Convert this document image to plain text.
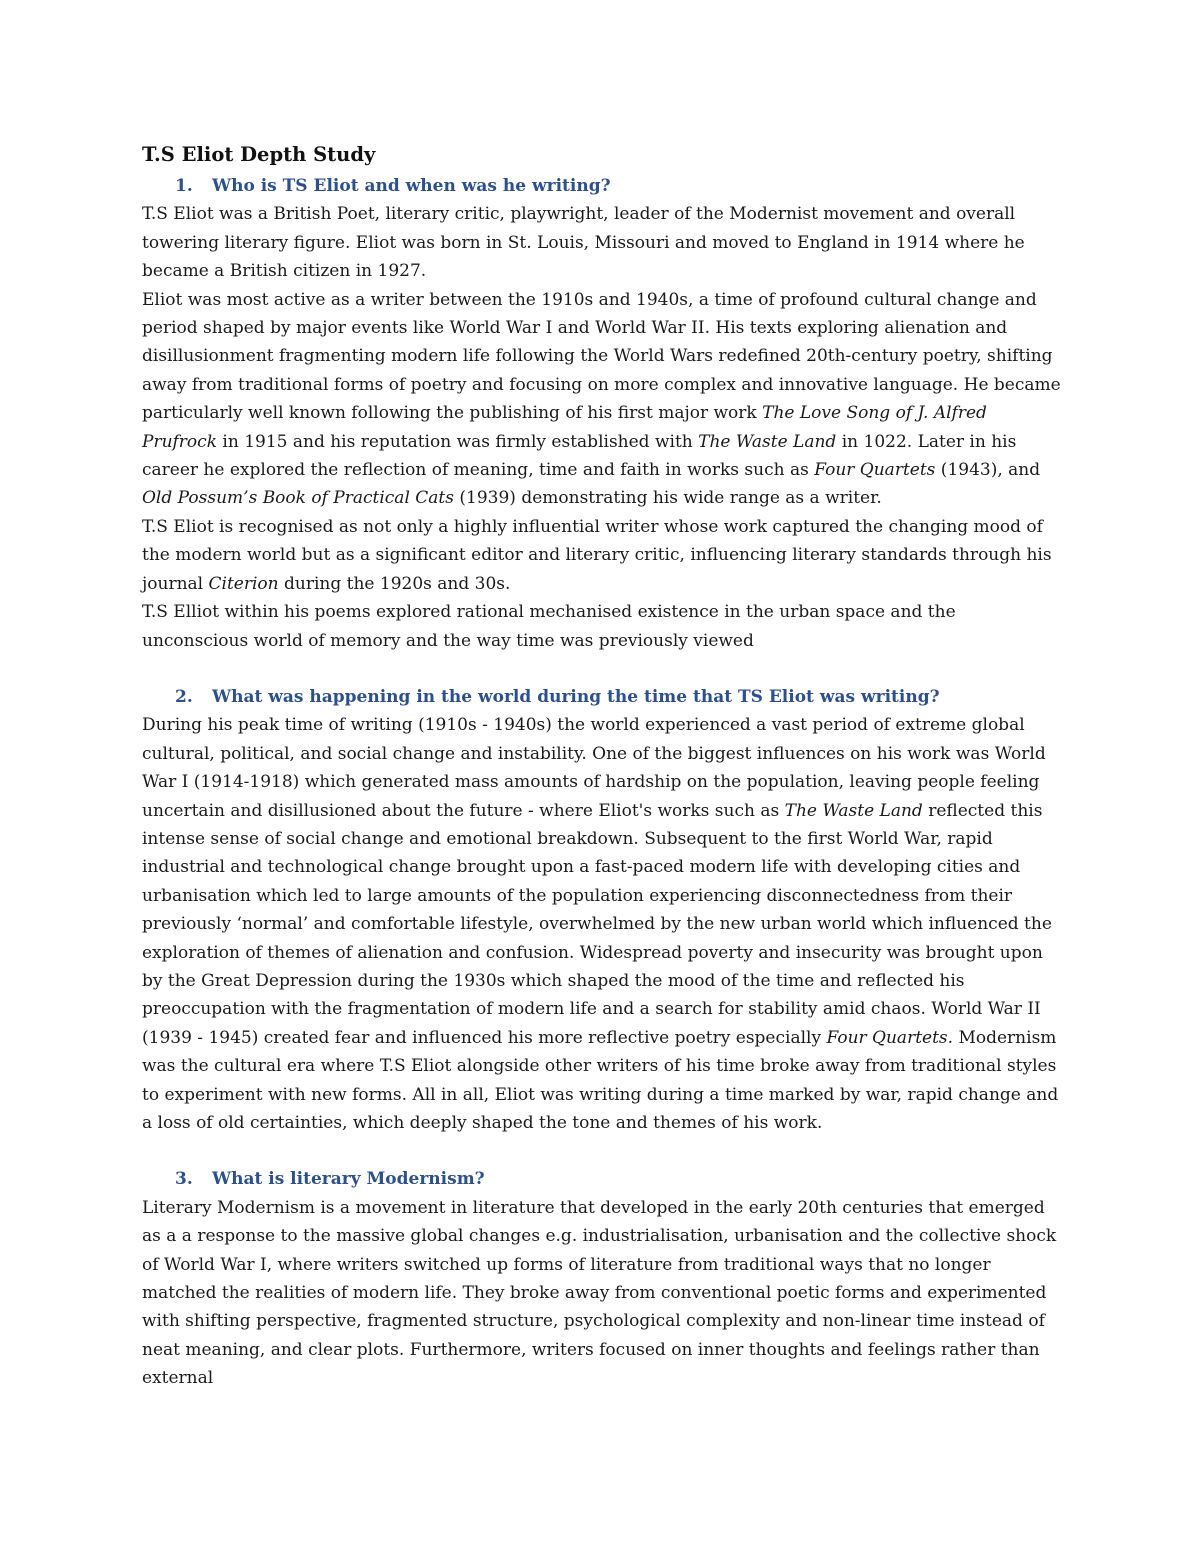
T.S Eliot Depth Study
1.	Who is TS Eliot and when was he writing?

T.S Eliot was a British Poet, literary critic, playwright, leader of the Modernist movement and overall towering literary figure. Eliot was born in St. Louis, Missouri and moved to England in 1914 where he became a British citizen in 1927.

Eliot was most active as a writer between the 1910s and 1940s, a time of profound cultural change and period shaped by major events like World War I and World War II. His texts exploring alienation and disillusionment fragmenting modern life following the World Wars redefined 20th-century poetry, shifting away from traditional forms of poetry and focusing on more complex and innovative language. He became particularly well known following the publishing of his first major work The Love Song of J. Alfred Prufrock in 1915 and his reputation was firmly established with The Waste Land in 1022. Later in his career he explored the reflection of meaning, time and faith in works such as Four Quartets (1943), and Old Possum’s Book of Practical Cats (1939) demonstrating his wide range as a writer.

T.S Eliot is recognised as not only a highly influential writer whose work captured the changing mood of the modern world but as a significant editor and literary critic, influencing literary standards through his journal Citerion during the 1920s and 30s.

T.S Elliot within his poems explored rational mechanised existence in the urban space and the unconscious world of memory and the way time was previously viewed

2.	What was happening in the world during the time that TS Eliot was writing?

During his peak time of writing (1910s - 1940s) the world experienced a vast period of extreme global cultural, political, and social change and instability. One of the biggest influences on his work was World War I (1914-1918) which generated mass amounts of hardship on the population, leaving people feeling uncertain and disillusioned about the future - where Eliot's works such as The Waste Land reflected this intense sense of social change and emotional breakdown. Subsequent to the first World War, rapid industrial and technological change brought upon a fast-paced modern life with developing cities and urbanisation which led to large amounts of the population experiencing disconnectedness from their previously ‘normal’ and comfortable lifestyle, overwhelmed by the new urban world which influenced the exploration of themes of alienation and confusion. Widespread poverty and insecurity was brought upon by the Great Depression during the 1930s which shaped the mood of the time and reflected his preoccupation with the fragmentation of modern life and a search for stability amid chaos. World War II (1939 - 1945) created fear and influenced his more reflective poetry especially Four Quartets. Modernism was the cultural era where T.S Eliot alongside other writers of his time broke away from traditional styles to experiment with new forms. All in all, Eliot was writing during a time marked by war, rapid change and a loss of old certainties, which deeply shaped the tone and themes of his work.

3.	What is literary Modernism?

Literary Modernism is a movement in literature that developed in the early 20th centuries that emerged as a a response to the massive global changes e.g. industrialisation, urbanisation and the collective shock of World War I, where writers switched up forms of literature from traditional ways that no longer matched the realities of modern life. They broke away from conventional poetic forms and experimented with shifting perspective, fragmented structure, psychological complexity and non-linear time instead of neat meaning, and clear plots. Furthermore, writers focused on inner thoughts and feelings rather than external
